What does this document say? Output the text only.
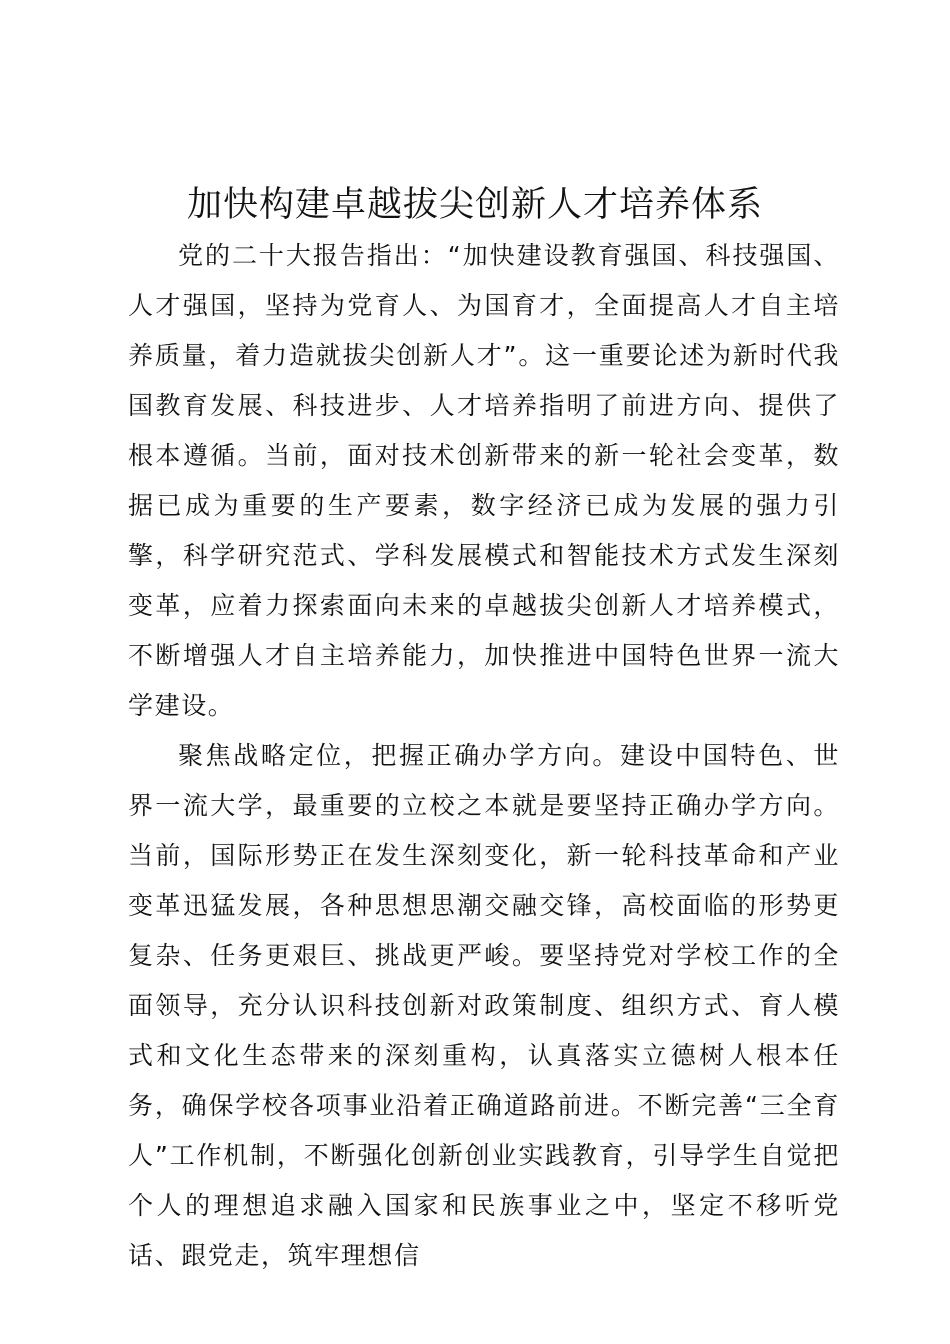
加快构建卓越拔尖创新人才培养体系

党的二十大报告指出：“加快建设教育强国、科技强国、人才强国，坚持为党育人、为国育才，全面提高人才自主培养质量，着力造就拔尖创新人才”。这一重要论述为新时代我国教育发展、科技进步、人才培养指明了前进方向、提供了根本遵循。当前，面对技术创新带来的新一轮社会变革，数据已成为重要的生产要素，数字经济已成为发展的强力引擎，科学研究范式、学科发展模式和智能技术方式发生深刻变革，应着力探索面向未来的卓越拔尖创新人才培养模式，不断增强人才自主培养能力，加快推进中国特色世界一流大学建设。

聚焦战略定位，把握正确办学方向。建设中国特色、世界一流大学，最重要的立校之本就是要坚持正确办学方向。当前，国际形势正在发生深刻变化，新一轮科技革命和产业变革迅猛发展，各种思想思潮交融交锋，高校面临的形势更复杂、任务更艰巨、挑战更严峻。要坚持党对学校工作的全面领导，充分认识科技创新对政策制度、组织方式、育人模式和文化生态带来的深刻重构，认真落实立德树人根本任务，确保学校各项事业沿着正确道路前进。不断完善“三全育人”工作机制，不断强化创新创业实践教育，引导学生自觉把个人的理想追求融入国家和民族事业之中，坚定不移听党话、跟党走，筑牢理想信
